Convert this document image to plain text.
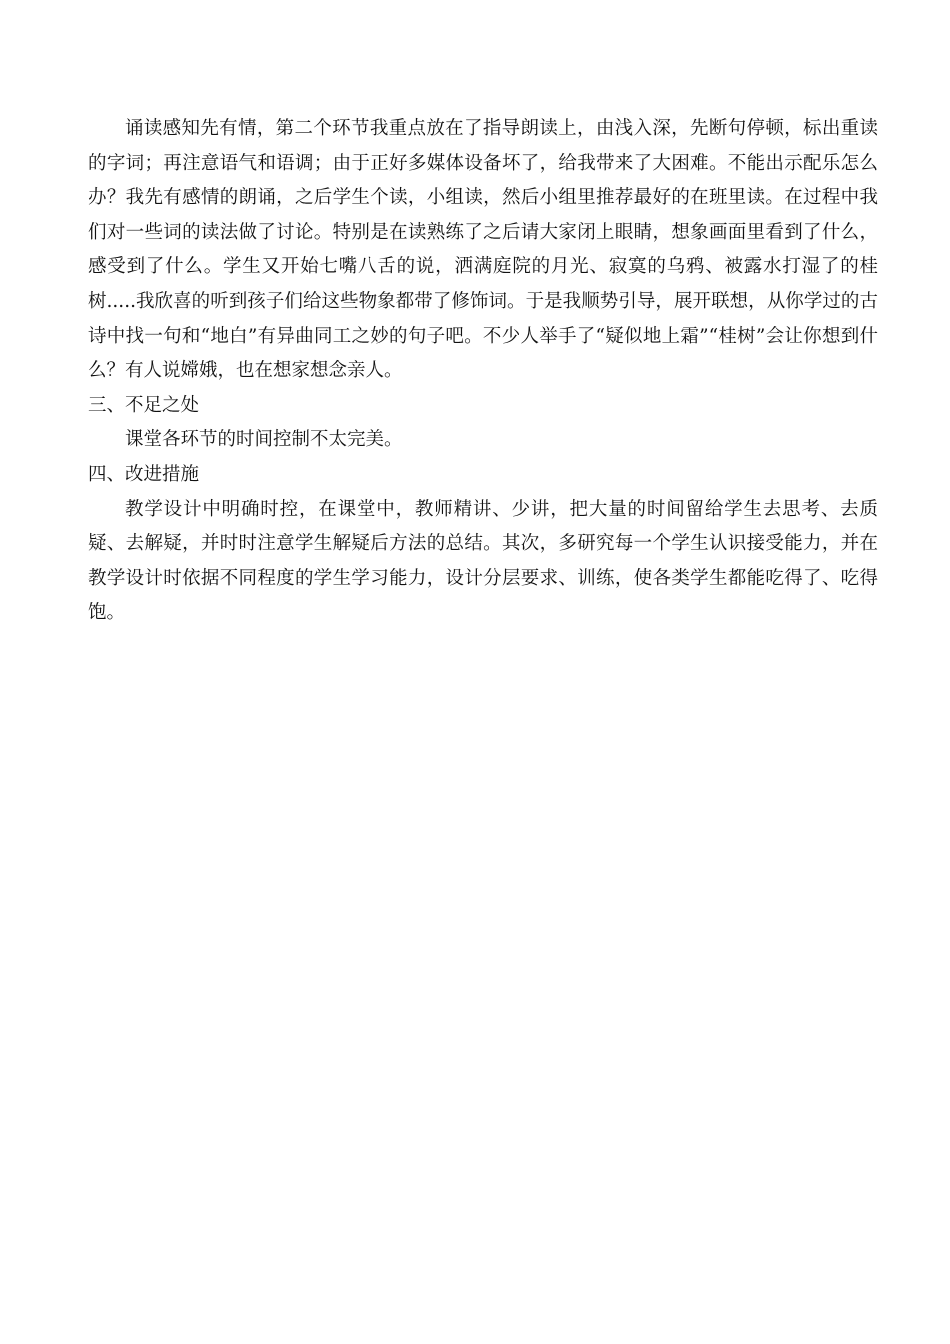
诵读感知先有情，第二个环节我重点放在了指导朗读上，由浅入深，先断句停顿，标出重读的字词；再注意语气和语调；由于正好多媒体设备坏了，给我带来了大困难。不能出示配乐怎么办？我先有感情的朗诵，之后学生个读，小组读，然后小组里推荐最好的在班里读。在过程中我们对一些词的读法做了讨论。特别是在读熟练了之后请大家闭上眼睛，想象画面里看到了什么，感受到了什么。学生又开始七嘴八舌的说，洒满庭院的月光、寂寞的乌鸦、被露水打湿了的桂树.....我欣喜的听到孩子们给这些物象都带了修饰词。于是我顺势引导，展开联想，从你学过的古诗中找一句和“地白”有异曲同工之妙的句子吧。不少人举手了“疑似地上霜”“桂树”会让你想到什么？有人说嫦娥，也在想家想念亲人。

三、不足之处

课堂各环节的时间控制不太完美。

四、改进措施

教学设计中明确时控，在课堂中，教师精讲、少讲，把大量的时间留给学生去思考、去质疑、去解疑，并时时注意学生解疑后方法的总结。其次，多研究每一个学生认识接受能力，并在教学设计时依据不同程度的学生学习能力，设计分层要求、训练，使各类学生都能吃得了、吃得饱。
